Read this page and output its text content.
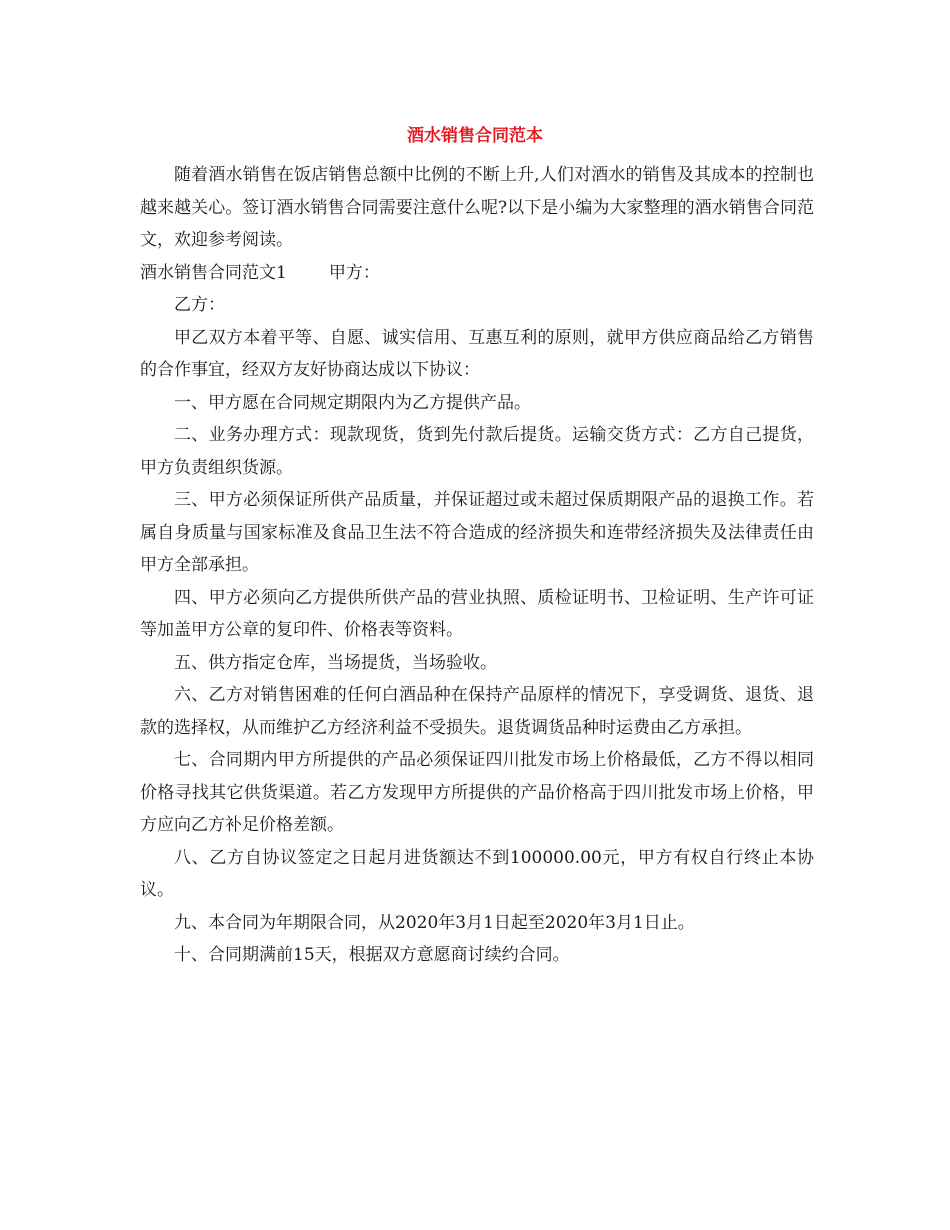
酒水销售合同范本

随着酒水销售在饭店销售总额中比例的不断上升,人们对酒水的销售及其成本的控制也越来越关心。签订酒水销售合同需要注意什么呢?以下是小编为大家整理的酒水销售合同范文，欢迎参考阅读。

酒水销售合同范文1 甲方：

乙方：

甲乙双方本着平等、自愿、诚实信用、互惠互利的原则，就甲方供应商品给乙方销售的合作事宜，经双方友好协商达成以下协议：

一、甲方愿在合同规定期限内为乙方提供产品。

二、业务办理方式：现款现货，货到先付款后提货。运输交货方式：乙方自己提货，甲方负责组织货源。

三、甲方必须保证所供产品质量，并保证超过或未超过保质期限产品的退换工作。若属自身质量与国家标准及食品卫生法不符合造成的经济损失和连带经济损失及法律责任由甲方全部承担。

四、甲方必须向乙方提供所供产品的营业执照、质检证明书、卫检证明、生产许可证等加盖甲方公章的复印件、价格表等资料。

五、供方指定仓库，当场提货，当场验收。

六、乙方对销售困难的任何白酒品种在保持产品原样的情况下，享受调货、退货、退款的选择权，从而维护乙方经济利益不受损失。退货调货品种时运费由乙方承担。

七、合同期内甲方所提供的产品必须保证四川批发市场上价格最低，乙方不得以相同价格寻找其它供货渠道。若乙方发现甲方所提供的产品价格高于四川批发市场上价格，甲方应向乙方补足价格差额。

八、乙方自协议签定之日起月进货额达不到100000.00元，甲方有权自行终止本协议。

九、本合同为年期限合同，从2020年3月1日起至2020年3月1日止。

十、合同期满前15天，根据双方意愿商讨续约合同。
